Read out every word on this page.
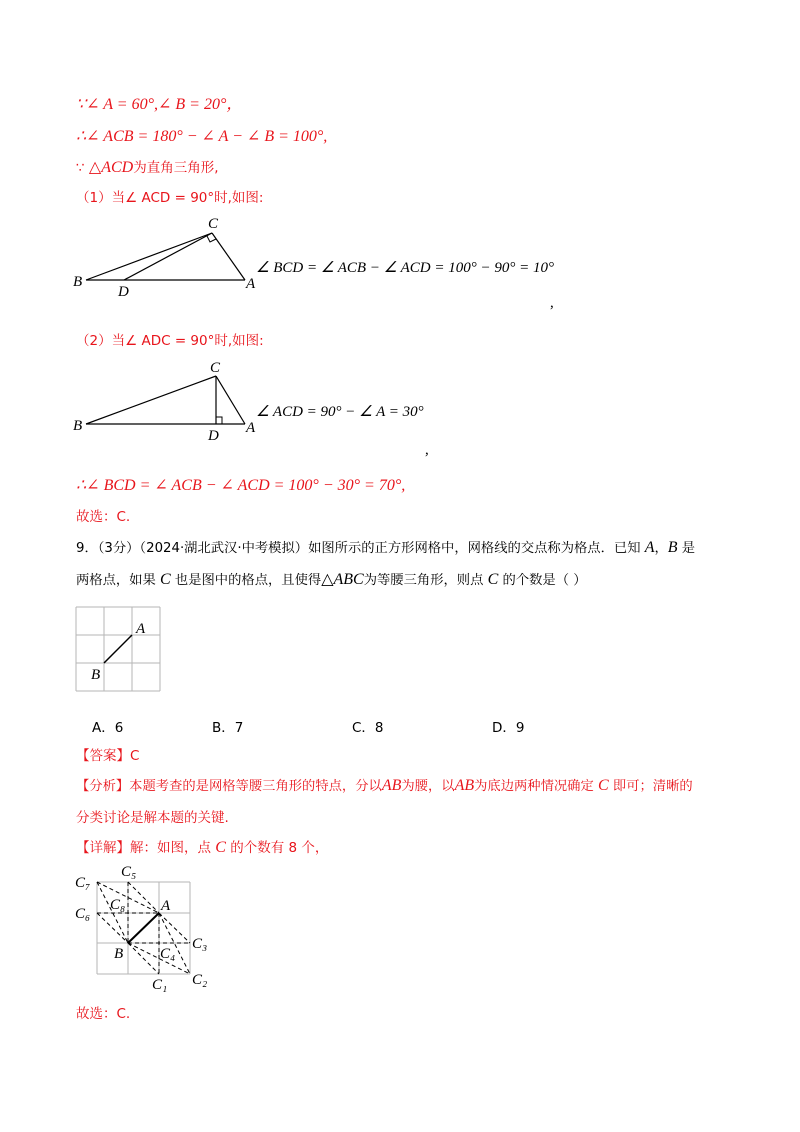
∵∠ A = 60°,∠ B = 20°，
∴∠ ACB = 180° − ∠ A − ∠ B = 100°,
∵ △ACD为直角三角形,
（1）当∠ ACD = 90°时,如图:
B
D	A
C
∠ BCD = ∠ ACB − ∠ ACD = 100° − 90° = 10°
,
（2）当∠ ADC = 90°时,如图:
B
D A
C
∠ ACD = 90° − ∠ A = 30°
,
∴∠ BCD = ∠ ACB − ∠ ACD = 100° − 30° = 70°,
故选：C.
9．（3分）（2024·湖北武汉·中考模拟）如图所示的正方形网格中，网格线的交点称为格点．已知 A，B 是
两格点，如果 C 也是图中的格点，且使得△ABC为等腰三角形，则点 C 的个数是（ ）
A
B
A．6	B．7	C．8	D．9
【答案】C
【分析】本题考查的是网格等腰三角形的特点，分以AB为腰，以AB为底边两种情况确定 C 即可；清晰的
分类讨论是解本题的关键.
【详解】解：如图，点 C 的个数有 8 个，
C₇
C₅
C₆
C₈ A
C₃
C₄
B
C₂
C₁
故选：C.
